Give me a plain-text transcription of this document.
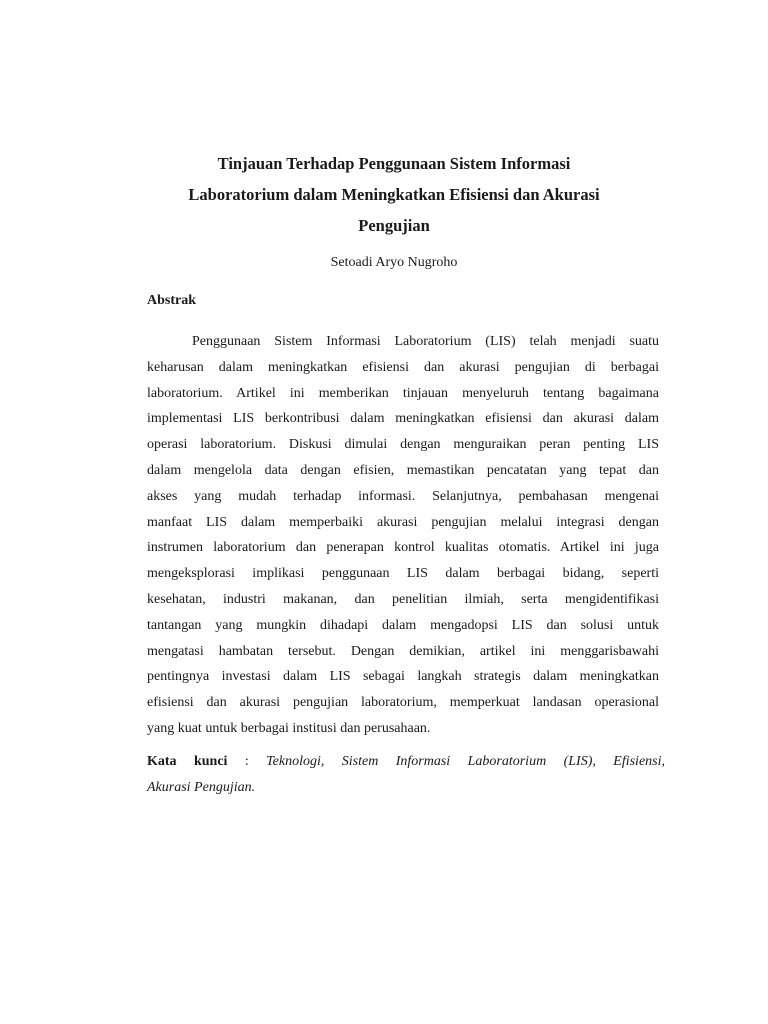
Tinjauan Terhadap Penggunaan Sistem Informasi
Laboratorium dalam Meningkatkan Efisiensi dan Akurasi
Pengujian
Setoadi Aryo Nugroho
Abstrak
Penggunaan Sistem Informasi Laboratorium (LIS) telah menjadi suatu
keharusan dalam meningkatkan efisiensi dan akurasi pengujian di berbagai
laboratorium. Artikel ini memberikan tinjauan menyeluruh tentang bagaimana
implementasi LIS berkontribusi dalam meningkatkan efisiensi dan akurasi dalam
operasi laboratorium. Diskusi dimulai dengan menguraikan peran penting LIS
dalam mengelola data dengan efisien, memastikan pencatatan yang tepat dan
akses yang mudah terhadap informasi. Selanjutnya, pembahasan mengenai
manfaat LIS dalam memperbaiki akurasi pengujian melalui integrasi dengan
instrumen laboratorium dan penerapan kontrol kualitas otomatis. Artikel ini juga
mengeksplorasi implikasi penggunaan LIS dalam berbagai bidang, seperti
kesehatan, industri makanan, dan penelitian ilmiah, serta mengidentifikasi
tantangan yang mungkin dihadapi dalam mengadopsi LIS dan solusi untuk
mengatasi hambatan tersebut. Dengan demikian, artikel ini menggarisbawahi
pentingnya investasi dalam LIS sebagai langkah strategis dalam meningkatkan
efisiensi dan akurasi pengujian laboratorium, memperkuat landasan operasional
yang kuat untuk berbagai institusi dan perusahaan.
Kata kunci : Teknologi, Sistem Informasi Laboratorium (LIS), Efisiensi,
Akurasi Pengujian.
